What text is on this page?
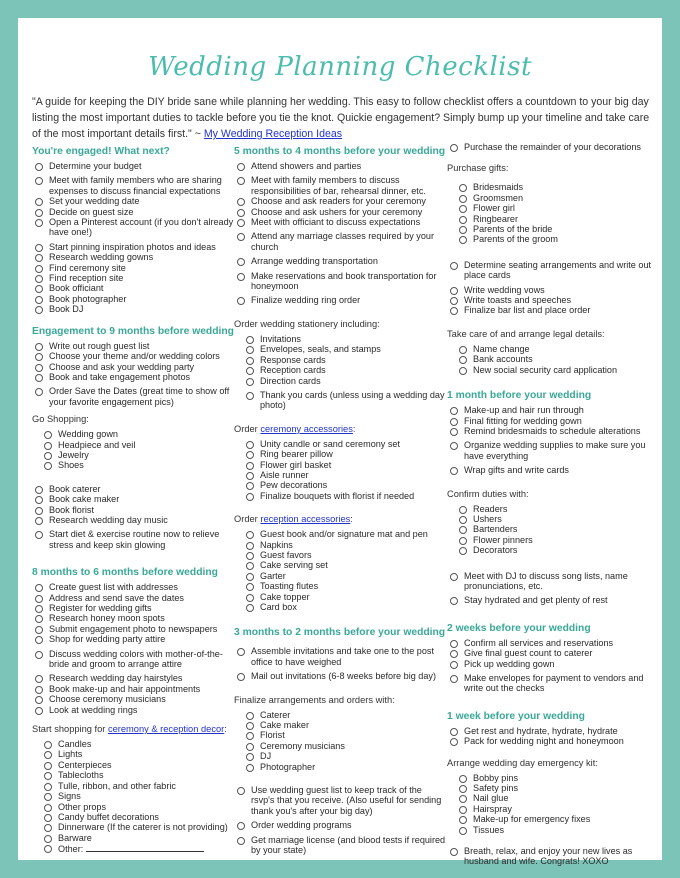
Wedding Planning Checklist
"A guide for keeping the DIY bride sane while planning her wedding. This easy to follow checklist offers a countdown to your big day listing the most important duties to tackle before you tie the knot. Quickie engagement? Simply bump up your timeline and take care of the most important details first." ~ My Wedding Reception Ideas
You're engaged! What next?
Determine your budget
Meet with family members who are sharing expenses to discuss financial expectations
Set your wedding date
Decide on guest size
Open a Pinterest account (if you don't already have one!)
Start pinning inspiration photos and ideas
Research wedding gowns
Find ceremony site
Find reception site
Book officiant
Book photographer
Book DJ
Engagement to 9 months before wedding
Write out rough guest list
Choose your theme and/or wedding colors
Choose and ask your wedding party
Book and take engagement photos
Order Save the Dates (great time to show off your favorite engagement pics)
Go Shopping:
Wedding gown
Headpiece and veil
Jewelry
Shoes
Book caterer
Book cake maker
Book florist
Research wedding day music
Start diet & exercise routine now to relieve stress and keep skin glowing
8 months to 6 months before wedding
Create guest list with addresses
Address and send save the dates
Register for wedding gifts
Research honey moon spots
Submit engagement photo to newspapers
Shop for wedding party attire
Discuss wedding colors with mother-of-the-bride and groom to arrange attire
Research wedding day hairstyles
Book make-up and hair appointments
Choose ceremony musicians
Look at wedding rings
Start shopping for ceremony & reception decor:
Candles
Lights
Centerpieces
Tablecloths
Tulle, ribbon, and other fabric
Signs
Other props
Candy buffet decorations
Dinnerware (If the caterer is not providing)
Barware
Other:
5 months to 4 months before your wedding
Attend showers and parties
Meet with family members to discuss responsibilities of bar, rehearsal dinner, etc.
Choose and ask readers for your ceremony
Choose and ask ushers for your ceremony
Meet with officiant to discuss expectations
Attend any marriage classes required by your church
Arrange wedding transportation
Make reservations and book transportation for honeymoon
Finalize wedding ring order
Order wedding stationery including:
Invitations
Envelopes, seals, and stamps
Response cards
Reception cards
Direction cards
Thank you cards (unless using a wedding day photo)
Order ceremony accessories:
Unity candle or sand ceremony set
Ring bearer pillow
Flower girl basket
Aisle runner
Pew decorations
Finalize bouquets with florist if needed
Order reception accessories:
Guest book and/or signature mat and pen
Napkins
Guest favors
Cake serving set
Garter
Toasting flutes
Cake topper
Card box
3 months to 2 months before your wedding
Assemble invitations and take one to the post office to have weighed
Mail out invitations (6-8 weeks before big day)
Finalize arrangements and orders with:
Caterer
Cake maker
Florist
Ceremony musicians
DJ
Photographer
Use wedding guest list to keep track of the rsvp's that you receive. (Also useful for sending thank you's after your big day)
Order wedding programs
Get marriage license (and blood tests if required by your state)
Purchase the remainder of your decorations
Purchase gifts:
Bridesmaids
Groomsmen
Flower girl
Ringbearer
Parents of the bride
Parents of the groom
Determine seating arrangements and write out place cards
Write wedding vows
Write toasts and speeches
Finalize bar list and place order
Take care of and arrange legal details:
Name change
Bank accounts
New social security card application
1 month before your wedding
Make-up and hair run through
Final fitting for wedding gown
Remind bridesmaids to schedule alterations
Organize wedding supplies to make sure you have everything
Wrap gifts and write cards
Confirm duties with:
Readers
Ushers
Bartenders
Flower pinners
Decorators
Meet with DJ to discuss song lists, name pronunciations, etc.
Stay hydrated and get plenty of rest
2 weeks before your wedding
Confirm all services and reservations
Give final guest count to caterer
Pick up wedding gown
Make envelopes for payment to vendors and write out the checks
1 week before your wedding
Get rest and hydrate, hydrate, hydrate
Pack for wedding night and honeymoon
Arrange wedding day emergency kit:
Bobby pins
Safety pins
Nail glue
Hairspray
Make-up for emergency fixes
Tissues
Breath, relax, and enjoy your new lives as husband and wife. Congrats! XOXO
